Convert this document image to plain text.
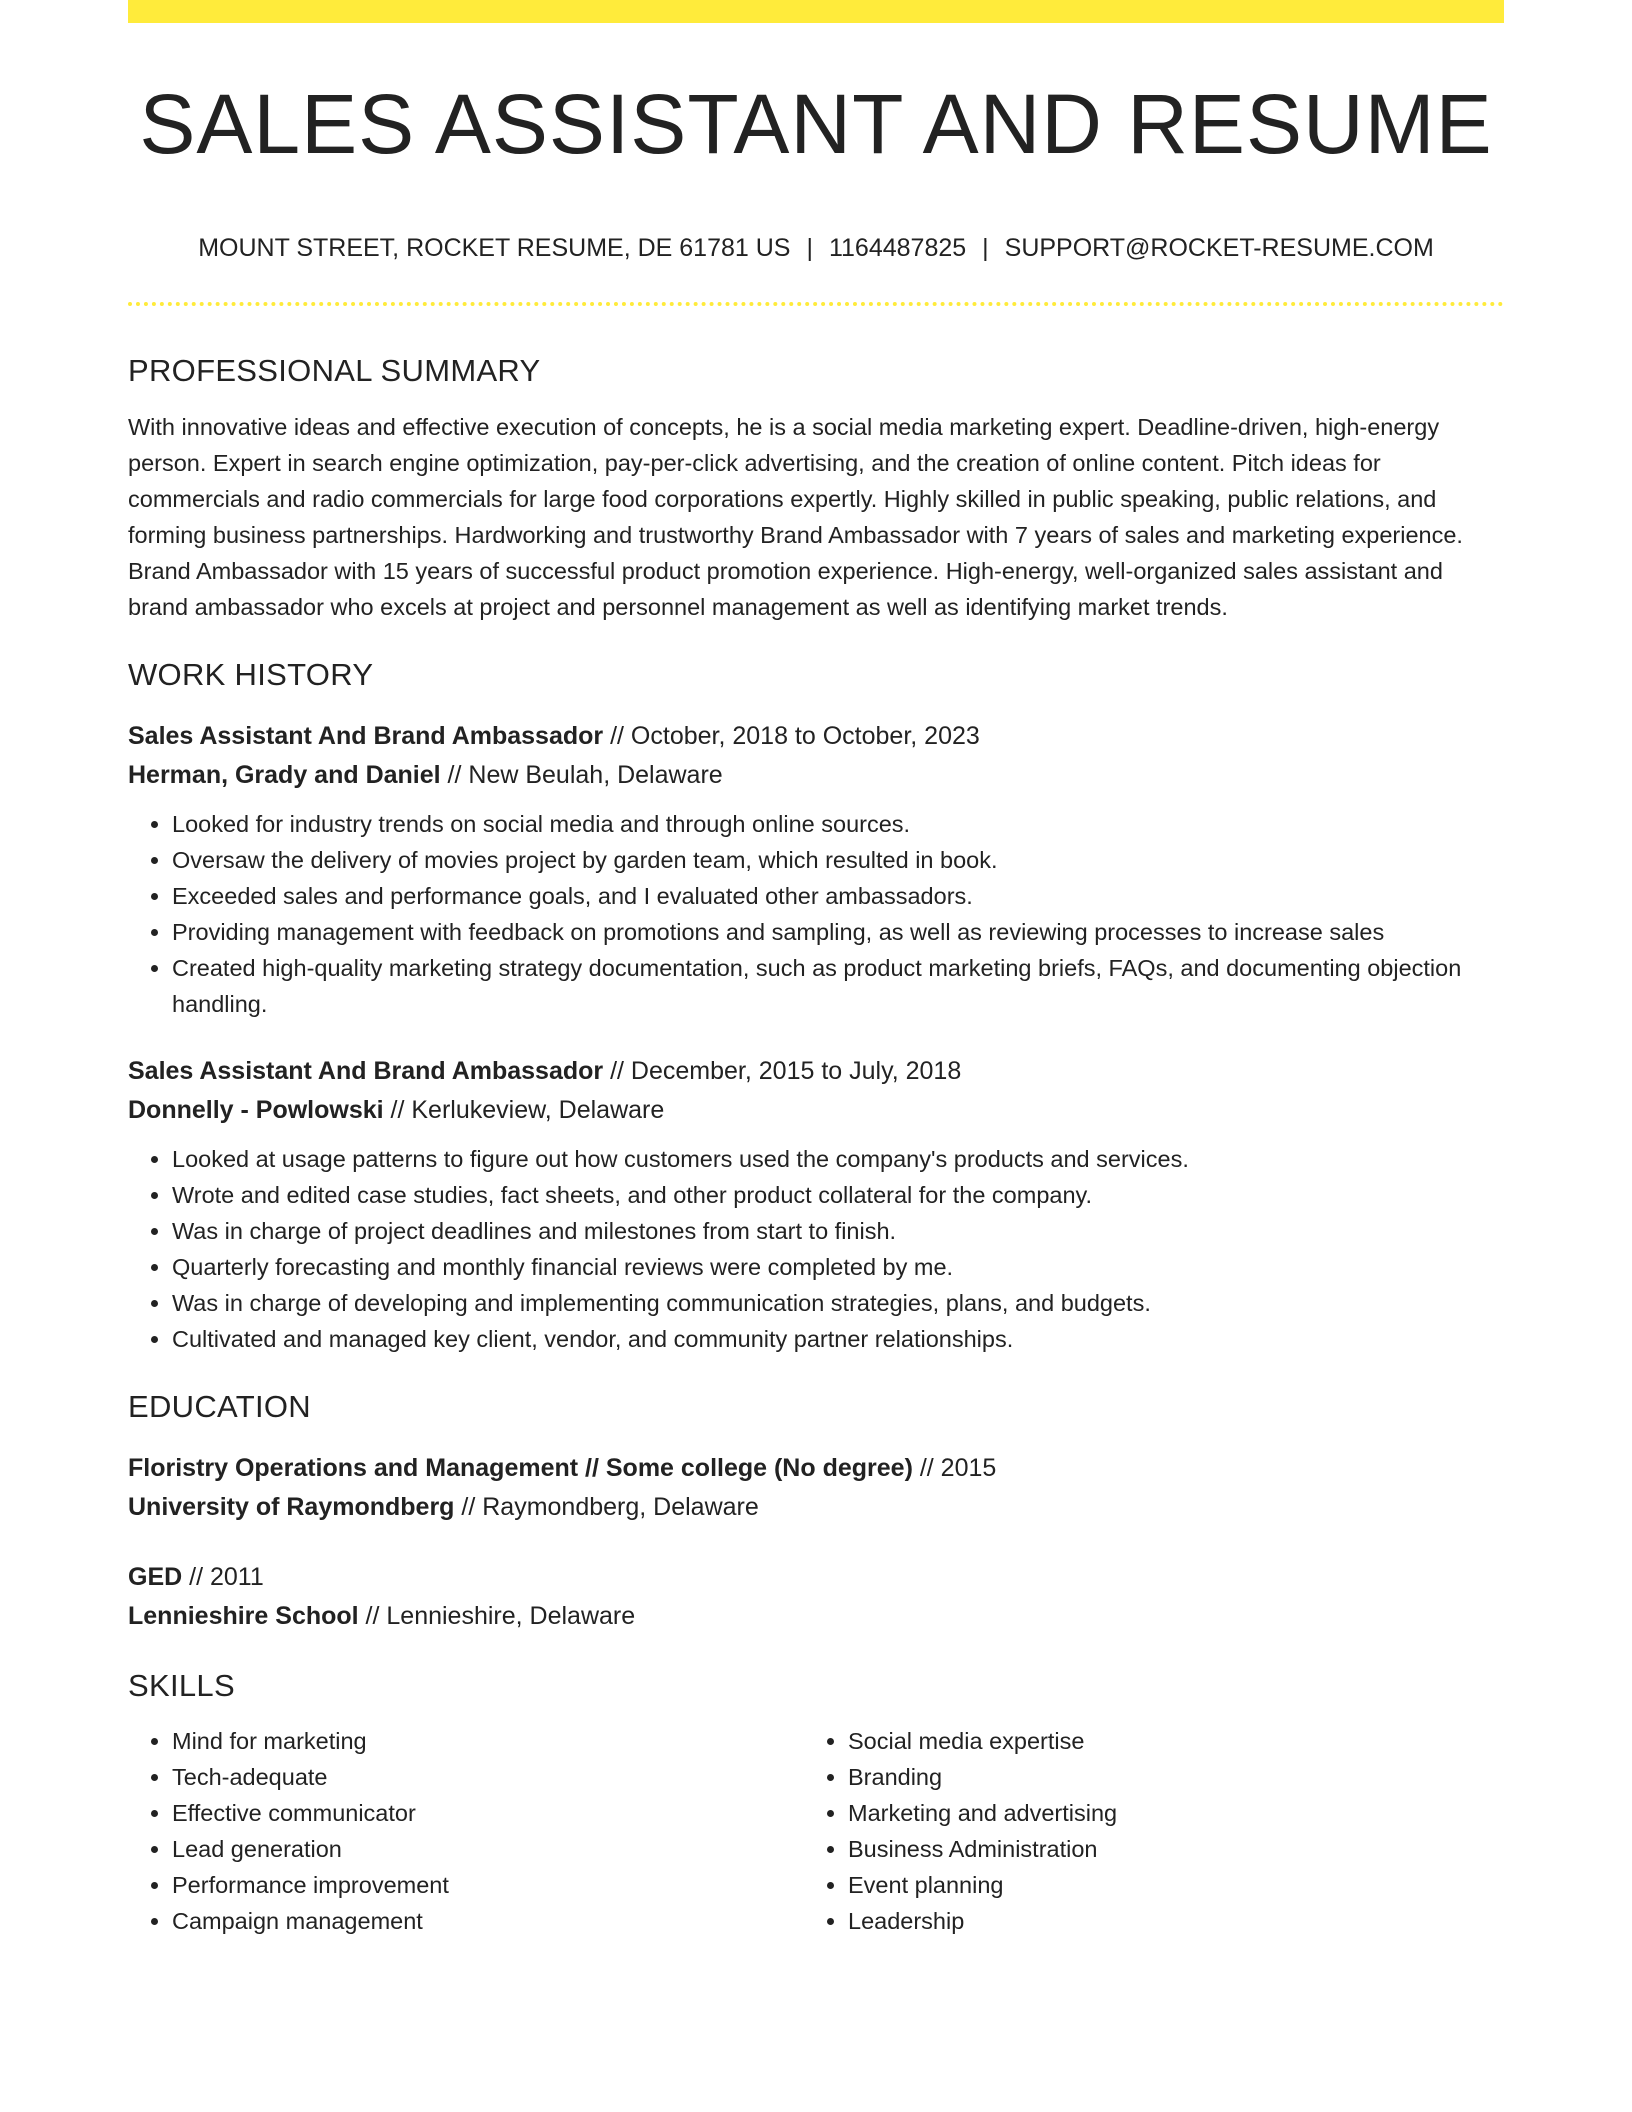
SALES ASSISTANT AND RESUME
MOUNT STREET, ROCKET RESUME, DE 61781 US | 1164487825 | SUPPORT@ROCKET-RESUME.COM
PROFESSIONAL SUMMARY

With innovative ideas and effective execution of concepts, he is a social media marketing expert. Deadline-driven, high-energy person. Expert in search engine optimization, pay-per-click advertising, and the creation of online content. Pitch ideas for commercials and radio commercials for large food corporations expertly. Highly skilled in public speaking, public relations, and forming business partnerships. Hardworking and trustworthy Brand Ambassador with 7 years of sales and marketing experience. Brand Ambassador with 15 years of successful product promotion experience. High-energy, well-organized sales assistant and brand ambassador who excels at project and personnel management as well as identifying market trends.

WORK HISTORY
Sales Assistant And Brand Ambassador // October, 2018 to October, 2023
Herman, Grady and Daniel // New Beulah, Delaware
• Looked for industry trends on social media and through online sources.
• Oversaw the delivery of movies project by garden team, which resulted in book.
• Exceeded sales and performance goals, and I evaluated other ambassadors.
• Providing management with feedback on promotions and sampling, as well as reviewing processes to increase sales
• Created high-quality marketing strategy documentation, such as product marketing briefs, FAQs, and documenting objection handling.
Sales Assistant And Brand Ambassador // December, 2015 to July, 2018
Donnelly - Powlowski // Kerlukeview, Delaware
• Looked at usage patterns to figure out how customers used the company's products and services.
• Wrote and edited case studies, fact sheets, and other product collateral for the company.
• Was in charge of project deadlines and milestones from start to finish.
• Quarterly forecasting and monthly financial reviews were completed by me.
• Was in charge of developing and implementing communication strategies, plans, and budgets.
• Cultivated and managed key client, vendor, and community partner relationships.
EDUCATION
Floristry Operations and Management // Some college (No degree) // 2015
University of Raymondberg // Raymondberg, Delaware
GED // 2011
Lennieshire School // Lennieshire, Delaware
SKILLS
• Mind for marketing
• Tech-adequate
• Effective communicator
• Lead generation
• Performance improvement
• Campaign management
• Social media expertise
• Branding
• Marketing and advertising
• Business Administration
• Event planning
• Leadership
